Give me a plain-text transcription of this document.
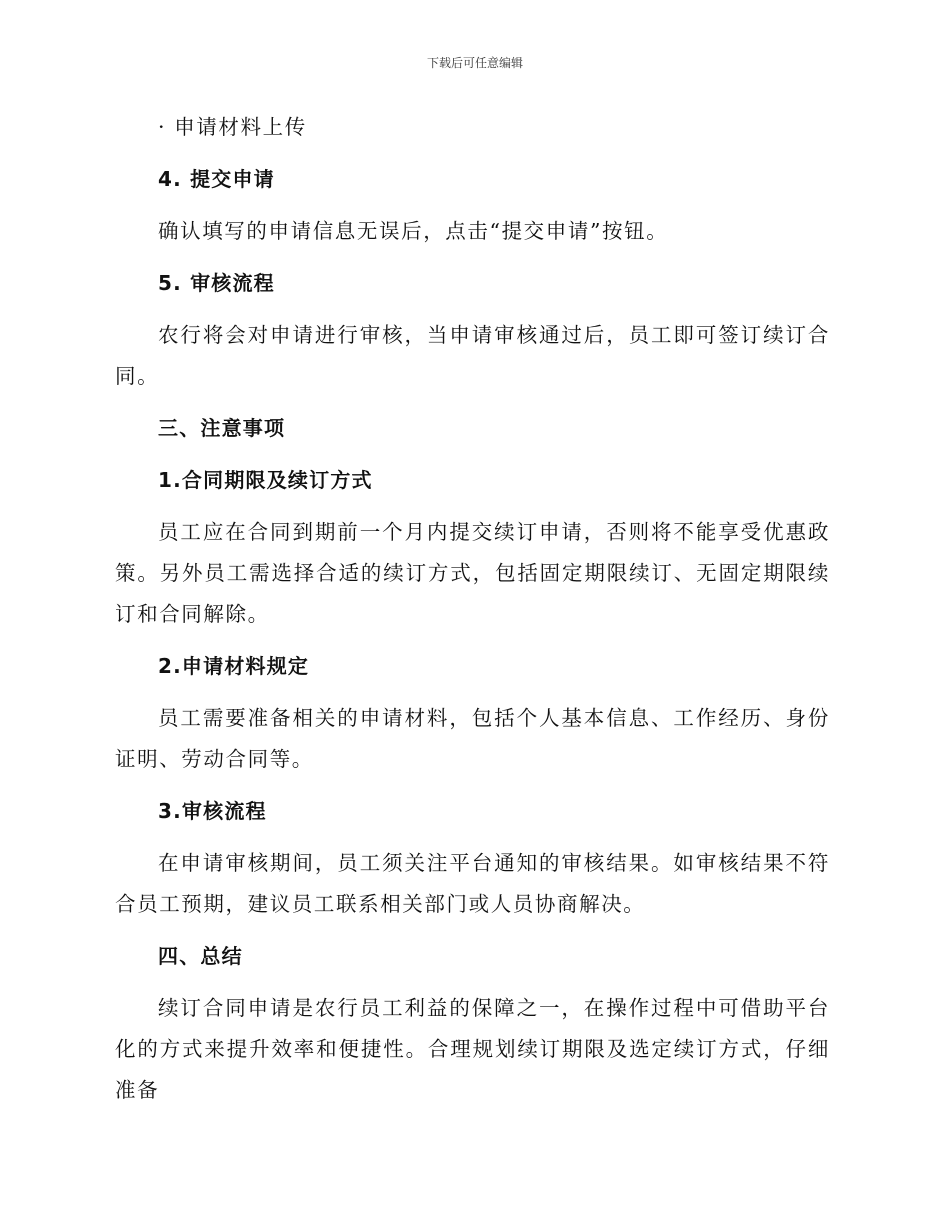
下载后可任意编辑

· 申请材料上传

4. 提交申请

确认填写的申请信息无误后，点击“提交申请”按钮。

5. 审核流程

农行将会对申请进行审核，当申请审核通过后，员工即可签订续订合同。

三、注意事项

1.合同期限及续订方式

员工应在合同到期前一个月内提交续订申请，否则将不能享受优惠政策。另外员工需选择合适的续订方式，包括固定期限续订、无固定期限续订和合同解除。

2.申请材料规定

员工需要准备相关的申请材料，包括个人基本信息、工作经历、身份证明、劳动合同等。

3.审核流程

在申请审核期间，员工须关注平台通知的审核结果。如审核结果不符合员工预期，建议员工联系相关部门或人员协商解决。

四、总结

续订合同申请是农行员工利益的保障之一，在操作过程中可借助平台化的方式来提升效率和便捷性。合理规划续订期限及选定续订方式，仔细准备
